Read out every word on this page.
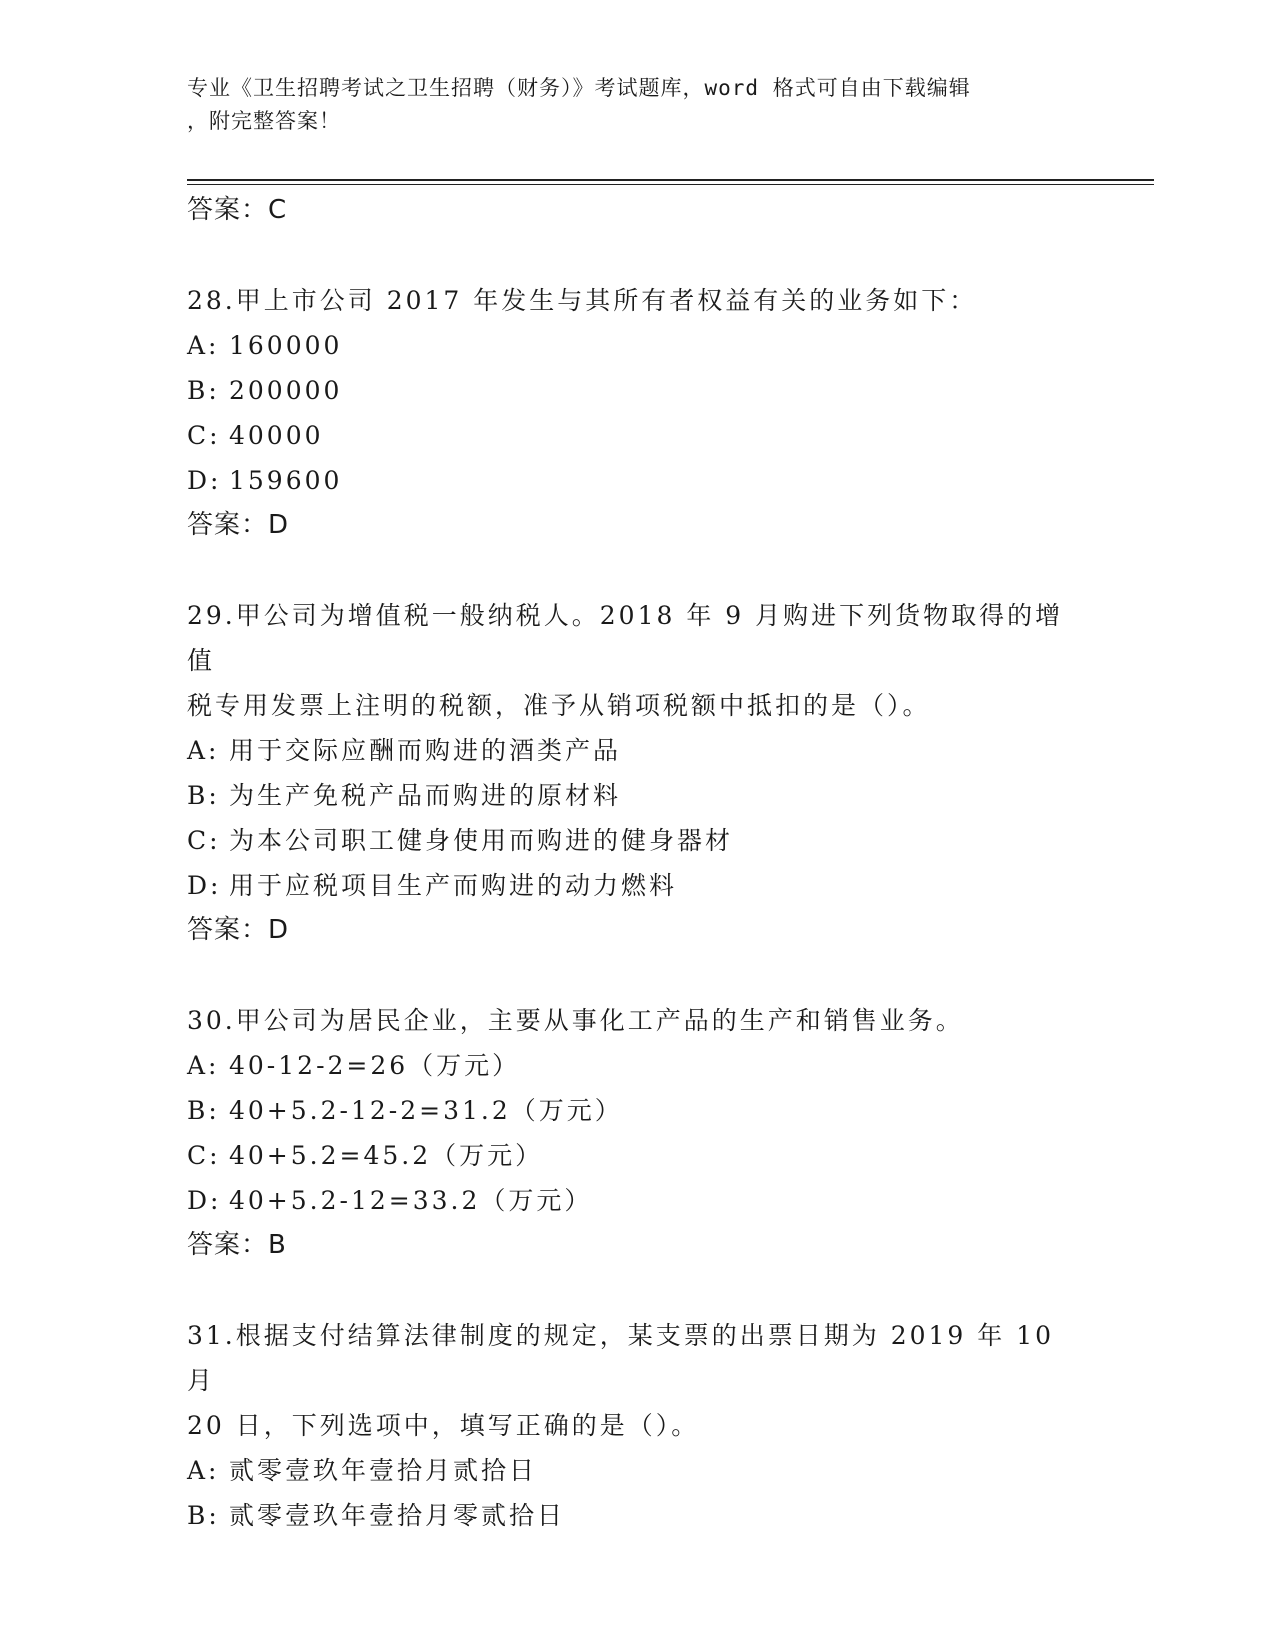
专业《卫生招聘考试之卫生招聘（财务）》考试题库，word 格式可自由下载编辑
，附完整答案！
答案：C

28.甲上市公司 2017 年发生与其所有者权益有关的业务如下：

A: 160000
B: 200000
C: 40000
D: 159600
答案：D

29.甲公司为增值税一般纳税人。2018 年 9 月购进下列货物取得的增值

税专用发票上注明的税额，准予从销项税额中抵扣的是（）。

A: 用于交际应酬而购进的酒类产品
B: 为生产免税产品而购进的原材料
C: 为本公司职工健身使用而购进的健身器材
D: 用于应税项目生产而购进的动力燃料
答案：D

30.甲公司为居民企业，主要从事化工产品的生产和销售业务。

A: 40-12-2=26（万元）
B: 40+5.2-12-2=31.2（万元）
C: 40+5.2=45.2（万元）
D: 40+5.2-12=33.2（万元）
答案：B

31.根据支付结算法律制度的规定，某支票的出票日期为 2019 年 10 月

20 日，下列选项中，填写正确的是（）。

A: 贰零壹玖年壹拾月贰拾日
B: 贰零壹玖年壹拾月零贰拾日
